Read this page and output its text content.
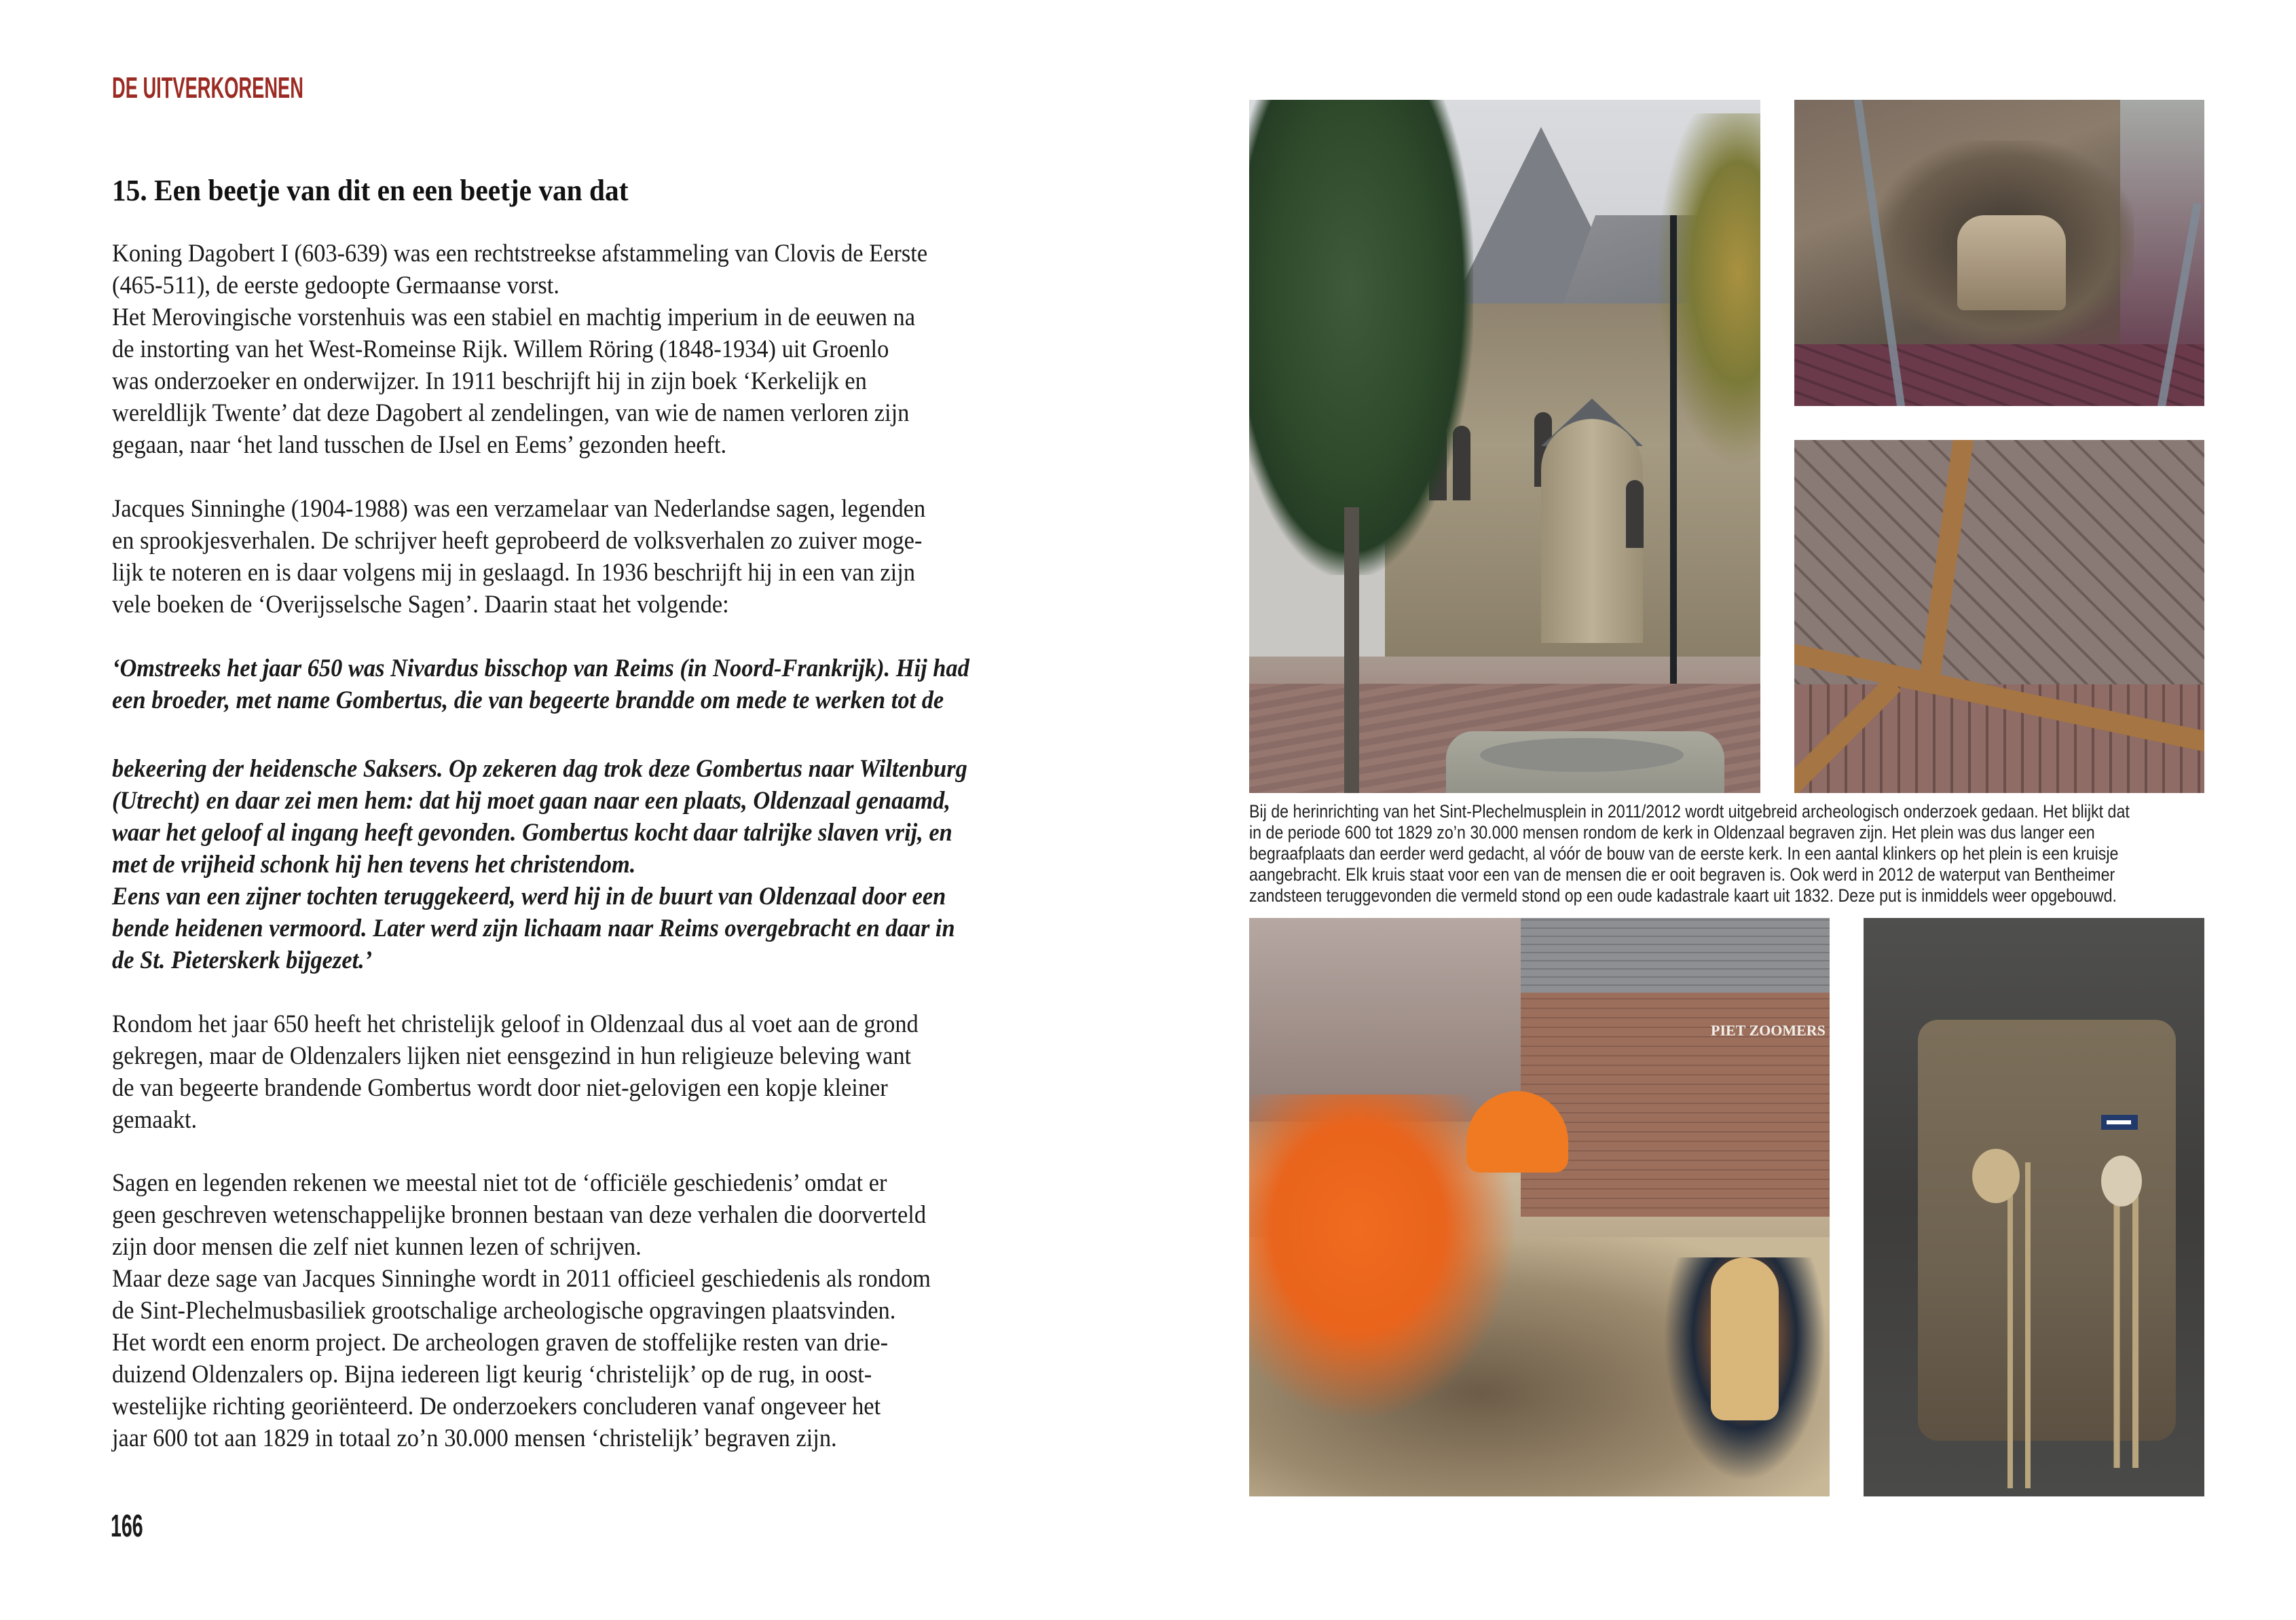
DE UITVERKORENEN
15. Een beetje van dit en een beetje van dat
Koning Dagobert I (603-639) was een rechtstreekse afstammeling van Clovis de Eerste
(465-511), de eerste gedoopte Germaanse vorst.
Het Merovingische vorstenhuis was een stabiel en machtig imperium in de eeuwen na
de instorting van het West-Romeinse Rijk. Willem Röring (1848-1934) uit Groenlo
was onderzoeker en onderwijzer. In 1911 beschrijft hij in zijn boek ‘Kerkelijk en
wereldlijk Twente’ dat deze Dagobert al zendelingen, van wie de namen verloren zijn
gegaan, naar ‘het land tusschen de IJsel en Eems’ gezonden heeft.
Jacques Sinninghe (1904-1988) was een verzamelaar van Nederlandse sagen, legenden
en sprookjesverhalen. De schrijver heeft geprobeerd de volksverhalen zo zuiver moge-
lijk te noteren en is daar volgens mij in geslaagd. In 1936 beschrijft hij in een van zijn
vele boeken de ‘Overijsselsche Sagen’. Daarin staat het volgende:
‘Omstreeks het jaar 650 was Nivardus bisschop van Reims (in Noord-Frankrijk). Hij had
een broeder, met name Gombertus, die van begeerte brandde om mede te werken tot de
bekeering der heidensche Saksers. Op zekeren dag trok deze Gombertus naar Wiltenburg
(Utrecht) en daar zei men hem: dat hij moet gaan naar een plaats, Oldenzaal genaamd,
waar het geloof al ingang heeft gevonden. Gombertus kocht daar talrijke slaven vrij, en
met de vrijheid schonk hij hen tevens het christendom.
Eens van een zijner tochten teruggekeerd, werd hij in de buurt van Oldenzaal door een
bende heidenen vermoord. Later werd zijn lichaam naar Reims overgebracht en daar in
de St. Pieterskerk bijgezet.’
Rondom het jaar 650 heeft het christelijk geloof in Oldenzaal dus al voet aan de grond
gekregen, maar de Oldenzalers lijken niet eensgezind in hun religieuze beleving want
de van begeerte brandende Gombertus wordt door niet-gelovigen een kopje kleiner
gemaakt.
Sagen en legenden rekenen we meestal niet tot de ‘officiële geschiedenis’ omdat er
geen geschreven wetenschappelijke bronnen bestaan van deze verhalen die doorverteld
zijn door mensen die zelf niet kunnen lezen of schrijven.
Maar deze sage van Jacques Sinninghe wordt in 2011 officieel geschiedenis als rondom
de Sint-Plechelmusbasiliek grootschalige archeologische opgravingen plaatsvinden.
Het wordt een enorm project. De archeologen graven de stoffelijke resten van drie-
duizend Oldenzalers op. Bijna iedereen ligt keurig ‘christelijk’ op de rug, in oost-
westelijke richting georiënteerd. De onderzoekers concluderen vanaf ongeveer het
jaar 600 tot aan 1829 in totaal zo’n 30.000 mensen ‘christelijk’ begraven zijn.
166
Bij de herinrichting van het Sint-Plechelmusplein in 2011/2012 wordt uitgebreid archeologisch onderzoek gedaan. Het blijkt dat
in de periode 600 tot 1829 zo’n 30.000 mensen rondom de kerk in Oldenzaal begraven zijn. Het plein was dus langer een
begraafplaats dan eerder werd gedacht, al vóór de bouw van de eerste kerk. In een aantal klinkers op het plein is een kruisje
aangebracht. Elk kruis staat voor een van de mensen die er ooit begraven is. Ook werd in 2012 de waterput van Bentheimer
zandsteen teruggevonden die vermeld stond op een oude kadastrale kaart uit 1832. Deze put is inmiddels weer opgebouwd.
PIET ZOOMERS
